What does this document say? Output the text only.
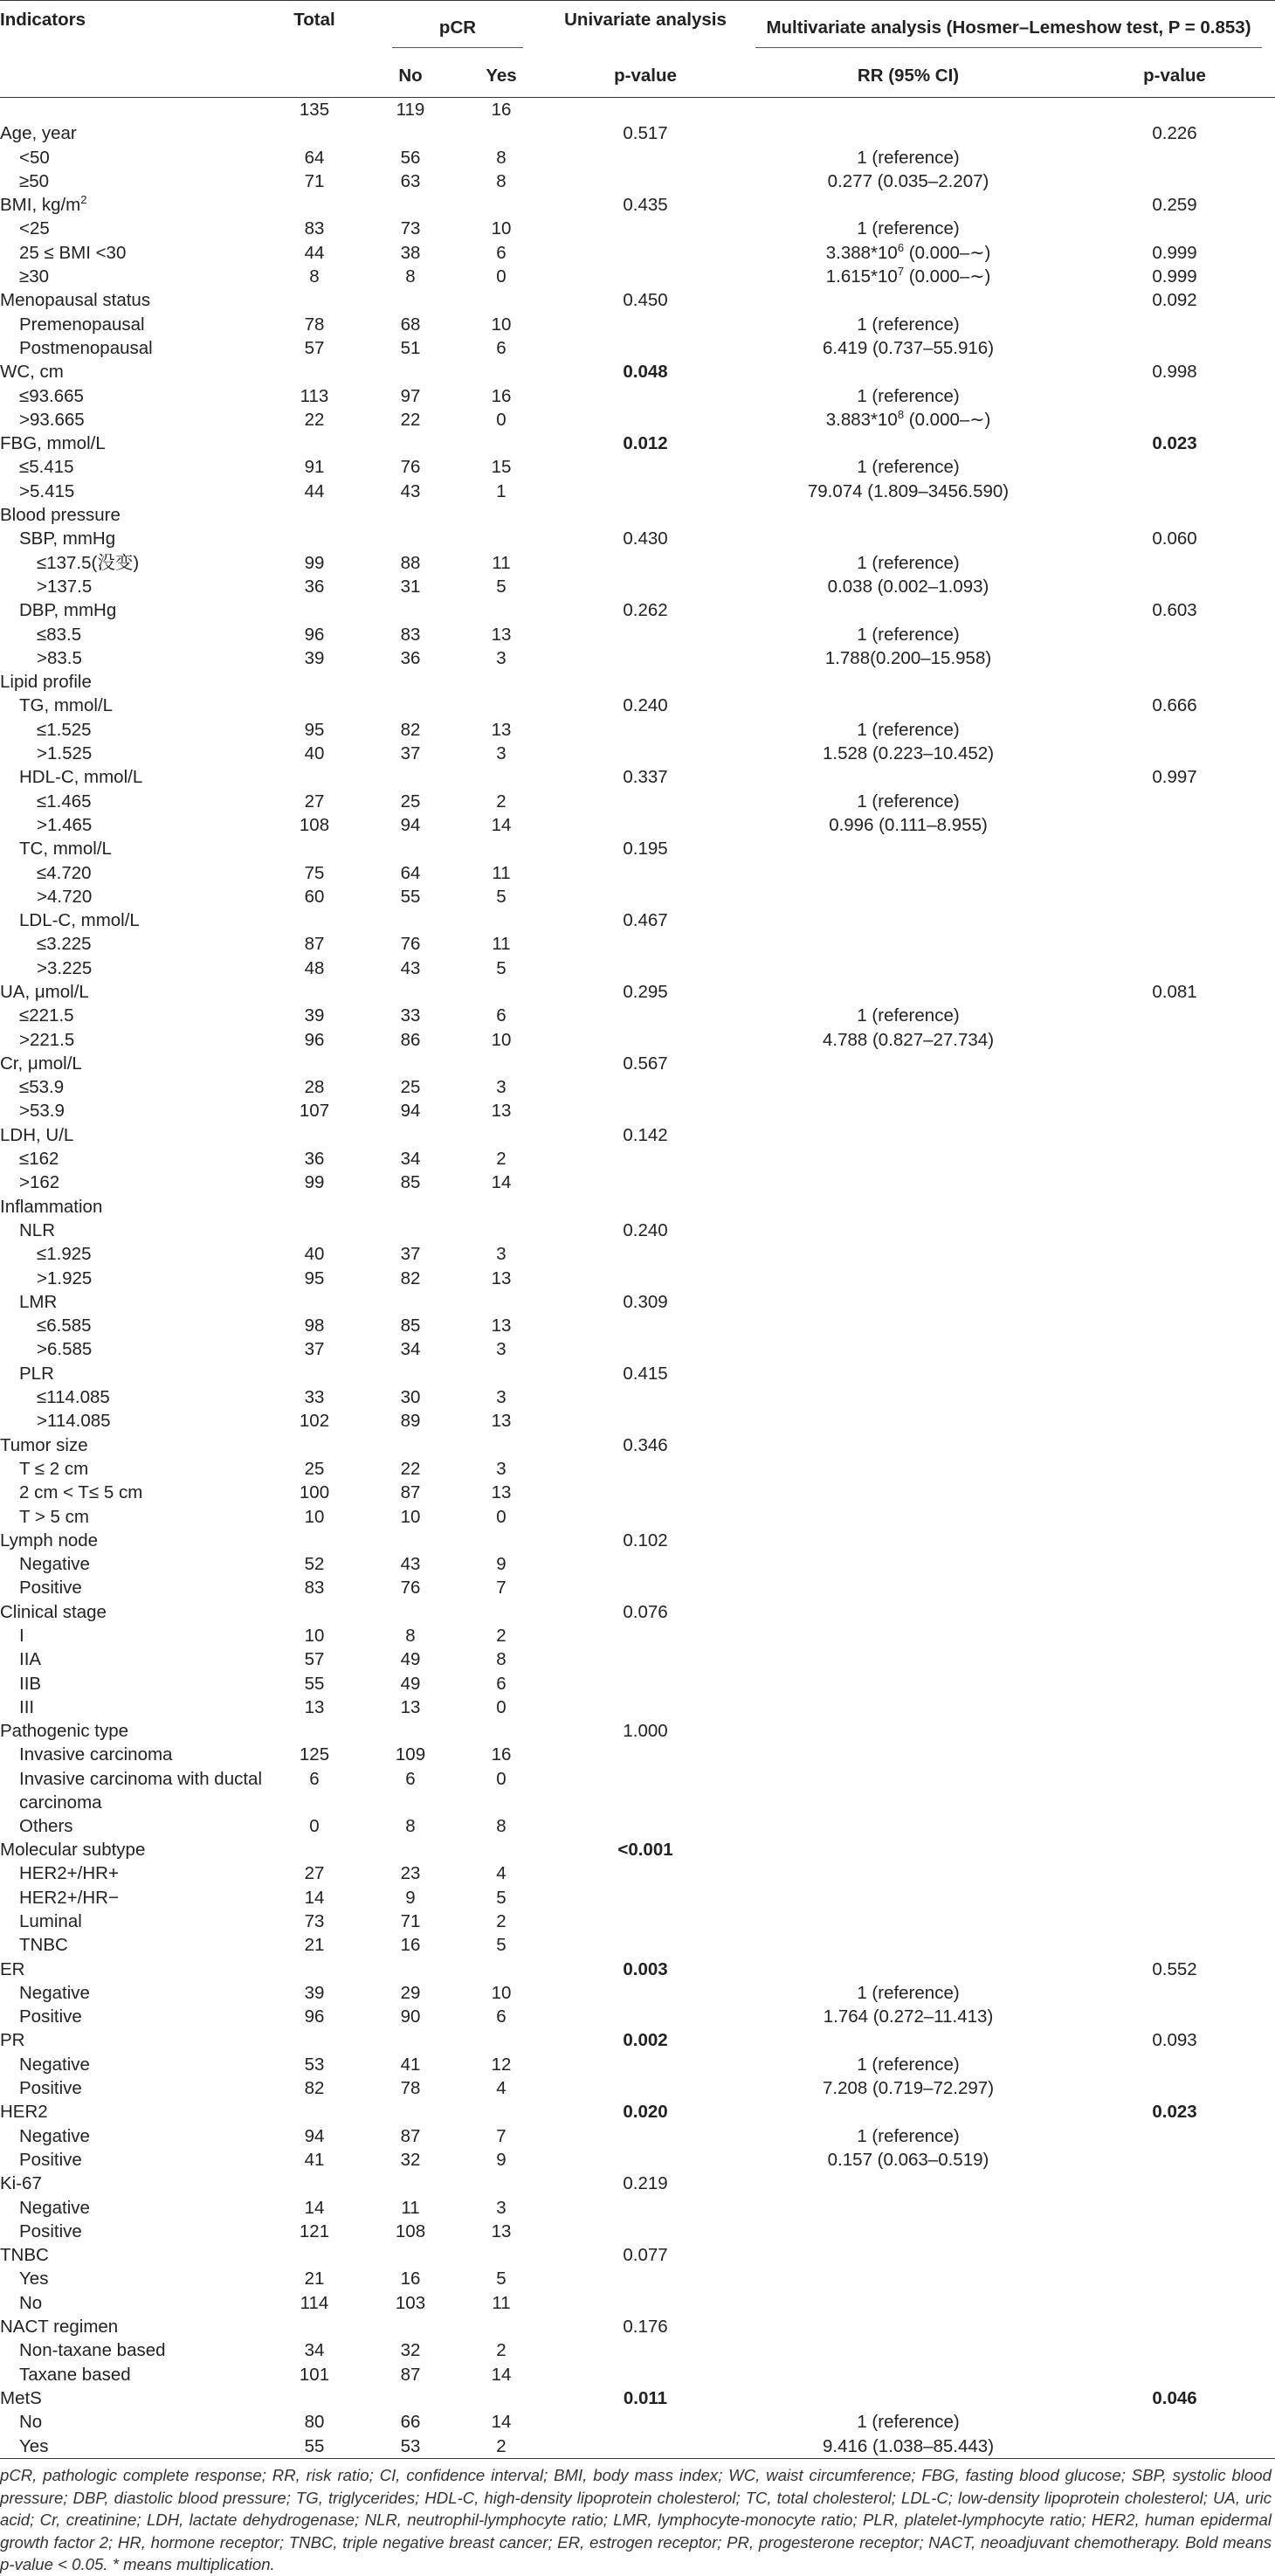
Indicators	Total	pCR		Univariate analysis	Multivariate analysis (Hosmer–Lemeshow test, P = 0.853)	
		No	Yes	p-value	RR (95% CI)	p-value
	135	119	16			
Age, year				0.517		0.226
<50	64	56	8		1 (reference)	
≥50	71	63	8		0.277 (0.035–2.207)	
BMI, $kg/m^2$				0.435		0.259
<25	83	73	10		1 (reference)	
25 ≤ BMI <30	44	38	6		$3.388*10^6$ (0.000–∼)	0.999
≥30	8	8	0		$1.615*10^7$ (0.000–∼)	0.999
Menopausal status				0.450		0.092
Premenopausal	78	68	10		1 (reference)	
Postmenopausal	57	51	6		6.419 (0.737–55.916)	
WC, cm				0.048		0.998
≤93.665	113	97	16		1 (reference)	
>93.665	22	22	0		$3.883*10^8$ (0.000–∼)	
FBG, mmol/L				0.012		0.023
≤5.415	91	76	15		1 (reference)	
>5.415	44	43	1		79.074 (1.809–3456.590)	
Blood pressure						
SBP, mmHg				0.430		0.060
≤137.5(没变)	99	88	11		1 (reference)	
>137.5	36	31	5		0.038 (0.002–1.093)	
DBP, mmHg				0.262		0.603
≤83.5	96	83	13		1 (reference)	
>83.5	39	36	3		1.788(0.200–15.958)	
Lipid profile						
TG, mmol/L				0.240		0.666
≤1.525	95	82	13		1 (reference)	
>1.525	40	37	3		1.528 (0.223–10.452)	
HDL-C, mmol/L				0.337		0.997
≤1.465	27	25	2		1 (reference)	
>1.465	108	94	14		0.996 (0.111–8.955)	
TC, mmol/L				0.195		
≤4.720	75	64	11			
>4.720	60	55	5			
LDL-C, mmol/L				0.467		
≤3.225	87	76	11			
>3.225	48	43	5			
UA, μmol/L				0.295		0.081
≤221.5	39	33	6		1 (reference)	
>221.5	96	86	10		4.788 (0.827–27.734)	
Cr, μmol/L				0.567		
≤53.9	28	25	3			
>53.9	107	94	13			
LDH, U/L				0.142		
≤162	36	34	2			
>162	99	85	14			
Inflammation						
NLR				0.240		
≤1.925	40	37	3			
>1.925	95	82	13			
LMR				0.309		
≤6.585	98	85	13			
>6.585	37	34	3			
PLR				0.415		
≤114.085	33	30	3			
>114.085	102	89	13			
Tumor size				0.346		
T ≤ 2 cm	25	22	3			
2 cm < T≤ 5 cm	100	87	13			
T > 5 cm	10	10	0			
Lymph node				0.102		
Negative	52	43	9			
Positive	83	76	7			
Clinical stage				0.076		
I	10	8	2			
IIA	57	49	8			
IIB	55	49	6			
III	13	13	0			
Pathogenic type				1.000		
Invasive carcinoma	125	109	16			
Invasive carcinoma with ductal carcinoma	6	6	0			
Others	0	8	8			
Molecular subtype				<0.001		
HER2+/HR+	27	23	4			
HER2+/HR−	14	9	5			
Luminal	73	71	2			
TNBC	21	16	5			
ER				0.003		0.552
Negative	39	29	10		1 (reference)	
Positive	96	90	6		1.764 (0.272–11.413)	
PR				0.002		0.093
Negative	53	41	12		1 (reference)	
Positive	82	78	4		7.208 (0.719–72.297)	
HER2				0.020		0.023
Negative	94	87	7		1 (reference)	
Positive	41	32	9		0.157 (0.063–0.519)	
Ki-67				0.219		
Negative	14	11	3			
Positive	121	108	13			
TNBC				0.077		
Yes	21	16	5			
No	114	103	11			
NACT regimen				0.176		
Non-taxane based	34	32	2			
Taxane based	101	87	14			
MetS				0.011		0.046
No	80	66	14		1 (reference)	
Yes	55	53	2		9.416 (1.038–85.443)	
pCR, pathologic complete response; RR, risk ratio; CI, confidence interval; BMI, body mass index; WC, waist circumference; FBG, fasting blood glucose; SBP, systolic blood pressure; DBP, diastolic blood pressure; TG, triglycerides; HDL-C, high-density lipoprotein cholesterol; TC, total cholesterol; LDL-C; low-density lipoprotein cholesterol; UA, uric acid; Cr, creatinine; LDH, lactate dehydrogenase; NLR, neutrophil-lymphocyte ratio; LMR, lymphocyte-monocyte ratio; PLR, platelet-lymphocyte ratio; HER2, human epidermal growth factor 2; HR, hormone receptor; TNBC, triple negative breast cancer; ER, estrogen receptor; PR, progesterone receptor; NACT, neoadjuvant chemotherapy. Bold means p-value < 0.05. * means multiplication.
